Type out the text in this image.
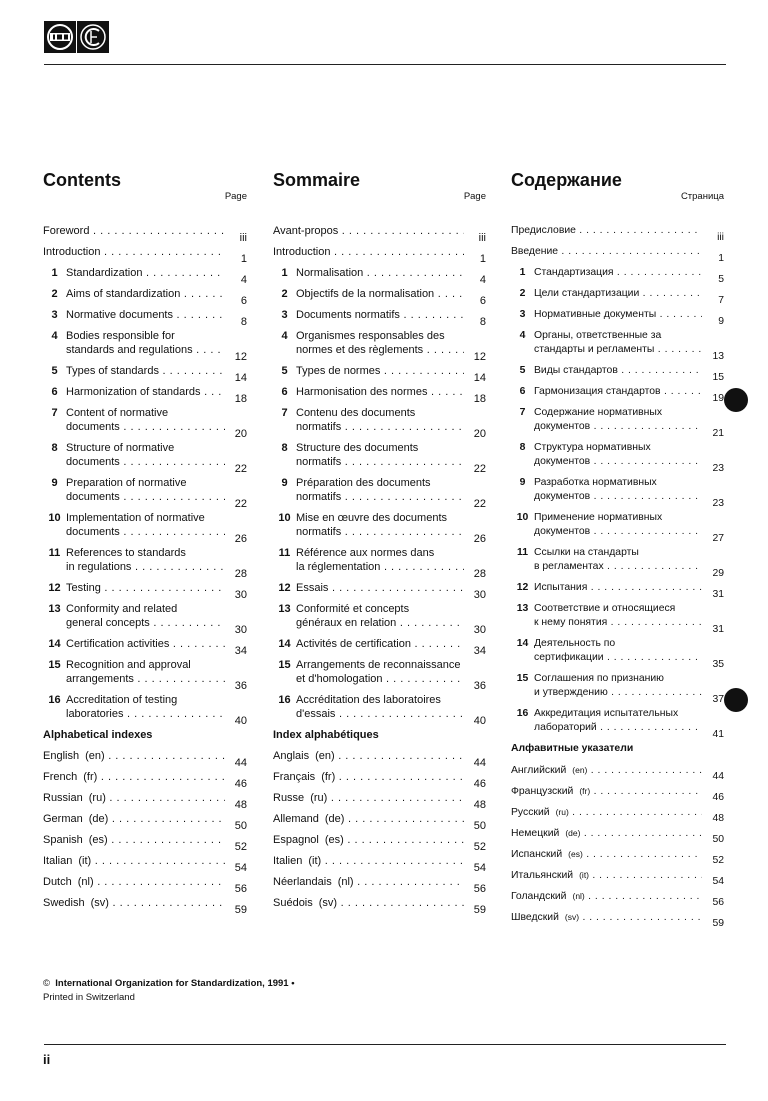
Contents
Page
Foreword . . .
iii
Introduction . . .
1
1 Standardization . . .
4
2 Aims of standardization . . .
6
3 Normative documents . . .
8
4 Bodies responsible for
standards and regulations . . .
12
5 Types of standards . . .
14
6 Harmonization of standards . . .
18
7 Content of normative
documents . . .
20
8 Structure of normative
documents . . .
22
9 Preparation of normative
documents . . .
22
10 Implementation of normative
documents . . .
26
11 References to standards
in regulations . . .
28
12 Testing . . .
30
13 Conformity and related
general concepts . . .
30
14 Certification activities . . .
34
15 Recognition and approval
arrangements . . .
36
16 Accreditation of testing
laboratories . . .
40
Alphabetical indexes
English (en) . . .
44
French (fr) . . .
46
Russian (ru) . . .
48
German (de) . . .
50
Spanish (es) . . .
52
Italian (it) . . .
54
Dutch (nl) . . .
56
Swedish (sv) . . .
59
Sommaire
Page
Avant-propos . . .
iii
Introduction . . .
1
1 Normalisation . . .
4
2 Objectifs de la normalisation . . .
6
3 Documents normatifs . . .
8
4 Organismes responsables des
normes et des règlements . . .
12
5 Types de normes . . .
14
6 Harmonisation des normes . . .
18
7 Contenu des documents
normatifs . . .
20
8 Structure des documents
normatifs . . .
22
9 Préparation des documents
normatifs . . .
22
10 Mise en œuvre des documents
normatifs . . .
26
11 Référence aux normes dans
la réglementation . . .
28
12 Essais . . .
30
13 Conformité et concepts
généraux en relation . . .
30
14 Activités de certification . . .
34
15 Arrangements de reconnaissance
et d'homologation . . .
36
16 Accréditation des laboratoires
d'essais . . .
40
Index alphabétiques
Anglais (en) . . .
44
Français (fr) . . .
46
Russe (ru) . . .
48
Allemand (de) . . .
50
Espagnol (es) . . .
52
Italien (it) . . .
54
Néerlandais (nl) . . .
56
Suédois (sv) . . .
59
Содержание
Страница
Предисловие . . .
iii
Введение . . .
1
1 Стандартизация . . .
5
2 Цели стандартизации . . .
7
3 Нормативные документы . . .
9
4 Органы, ответственные за
стандарты и регламенты . . .
13
5 Виды стандартов . . .
15
6 Гармонизация стандартов . . .
19
7 Содержание нормативных
документов . . .
21
8 Структура нормативных
документов . . .
23
9 Разработка нормативных
документов . . .
23
10 Применение нормативных
документов . . .
27
11 Ссылки на стандарты
в регламентах . . .
29
12 Испытания . . .
31
13 Соответствие и относящиеся
к нему понятия . . .
31
14 Деятельность по
сертификации . . .
35
15 Соглашения по признанию
и утверждению . . .
37
16 Аккредитация испытательных
лабораторий . . .
41
Алфавитные указатели
Английский (en) . . .
44
Французский (fr) . . .
46
Русский (ru) . . .
48
Немецкий (de) . . .
50
Испанский (es) . . .
52
Итальянский (it) . . .
54
Голандский (nl) . . .
56
Шведский (sv) . . .
59
© International Organization for Standardization, 1991 •
Printed in Switzerland
ii
